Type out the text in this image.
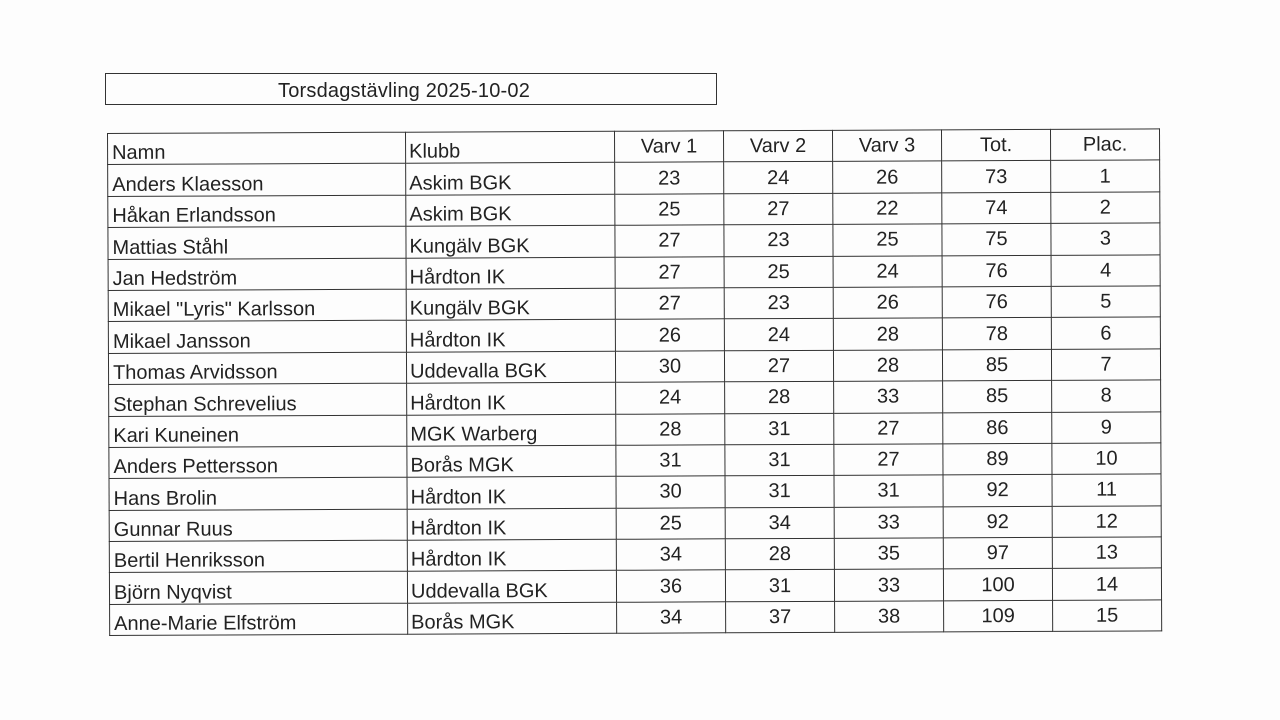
Torsdagstävling 2025-10-02
Namn	Klubb	Varv 1	Varv 2	Varv 3	Tot.	Plac.
Anders Klaesson	Askim BGK	23	24	26	73	1
Håkan Erlandsson	Askim BGK	25	27	22	74	2
Mattias Ståhl	Kungälv BGK	27	23	25	75	3
Jan Hedström	Hårdton IK	27	25	24	76	4
Mikael "Lyris" Karlsson	Kungälv BGK	27	23	26	76	5
Mikael Jansson	Hårdton IK	26	24	28	78	6
Thomas Arvidsson	Uddevalla BGK	30	27	28	85	7
Stephan Schrevelius	Hårdton IK	24	28	33	85	8
Kari Kuneinen	MGK Warberg	28	31	27	86	9
Anders Pettersson	Borås MGK	31	31	27	89	10
Hans Brolin	Hårdton IK	30	31	31	92	11
Gunnar Ruus	Hårdton IK	25	34	33	92	12
Bertil Henriksson	Hårdton IK	34	28	35	97	13
Björn Nyqvist	Uddevalla BGK	36	31	33	100	14
Anne-Marie Elfström	Borås MGK	34	37	38	109	15
